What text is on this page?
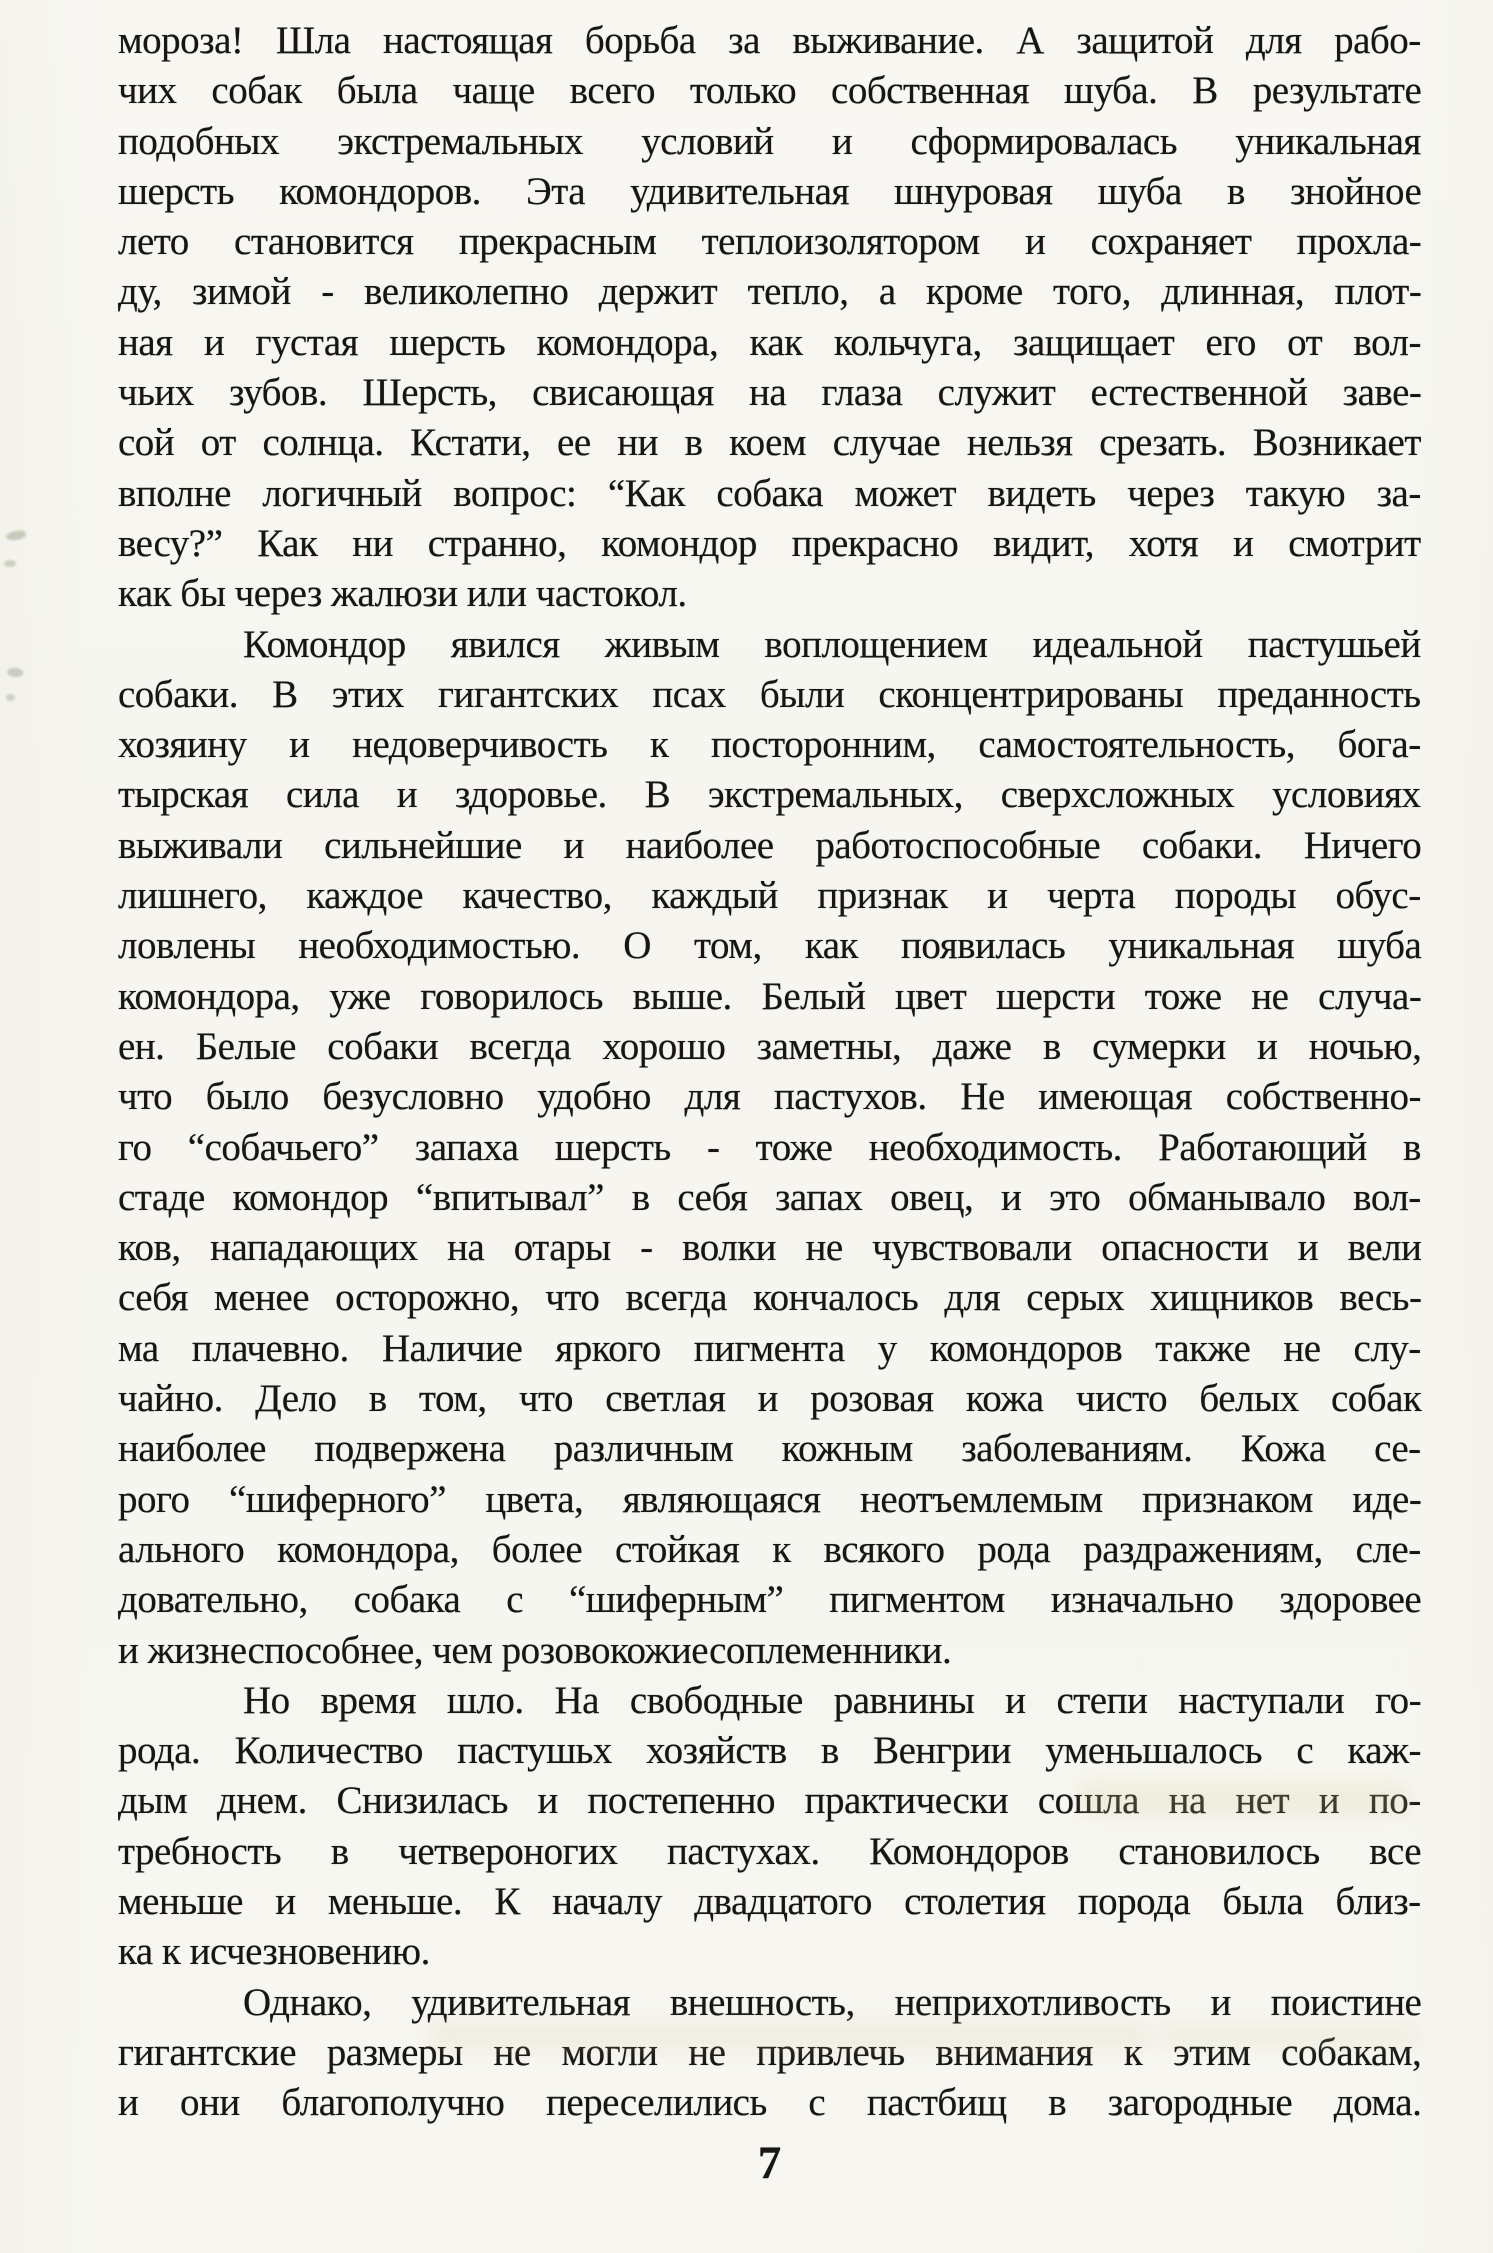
мороза! Шла настоящая борьба за выживание. А защитой для рабо-
чих собак была чаще всего только собственная шуба. В результате
подобных экстремальных условий и сформировалась уникальная
шерсть комондоров. Эта удивительная шнуровая шуба в знойное
лето становится прекрасным теплоизолятором и сохраняет прохла-
ду, зимой - великолепно держит тепло, а кроме того, длинная, плот-
ная и густая шерсть комондора, как кольчуга, защищает его от вол-
чьих зубов. Шерсть, свисающая на глаза служит естественной заве-
сой от солнца. Кстати, ее ни в коем случае нельзя срезать. Возникает
вполне логичный вопрос: “Как собака может видеть через такую за-
весу?” Как ни странно, комондор прекрасно видит, хотя и смотрит
как бы через жалюзи или частокол.
Комондор явился живым воплощением идеальной пастушьей
собаки. В этих гигантских псах были сконцентрированы преданность
хозяину и недоверчивость к посторонним, самостоятельность, бога-
тырская сила и здоровье. В экстремальных, сверхсложных условиях
выживали сильнейшие и наиболее работоспособные собаки. Ничего
лишнего, каждое качество, каждый признак и черта породы обус-
ловлены необходимостью. О том, как появилась уникальная шуба
комондора, уже говорилось выше. Белый цвет шерсти тоже не случа-
ен. Белые собаки всегда хорошо заметны, даже в сумерки и ночью,
что было безусловно удобно для пастухов. Не имеющая собственно-
го “собачьего” запаха шерсть - тоже необходимость. Работающий в
стаде комондор “впитывал” в себя запах овец, и это обманывало вол-
ков, нападающих на отары - волки не чувствовали опасности и вели
себя менее осторожно, что всегда кончалось для серых хищников весь-
ма плачевно. Наличие яркого пигмента у комондоров также не слу-
чайно. Дело в том, что светлая и розовая кожа чисто белых собак
наиболее подвержена различным кожным заболеваниям. Кожа се-
рого “шиферного” цвета, являющаяся неотъемлемым признаком иде-
ального комондора, более стойкая к всякого рода раздражениям, сле-
довательно, собака с “шиферным” пигментом изначально здоровее
и жизнеспособнее, чем розовокожиесоплеменники.
Но время шло. На свободные равнины и степи наступали го-
рода. Количество пастушьх хозяйств в Венгрии уменьшалось с каж-
дым днем. Снизилась и постепенно практически сошла на нет и по-
требность в четвероногих пастухах. Комондоров становилось все
меньше и меньше. К началу двадцатого столетия порода была близ-
ка к исчезновению.
Однако, удивительная внешность, неприхотливость и поистине
гигантские размеры не могли не привлечь внимания к этим собакам,
и они благополучно переселились с пастбищ в загородные дома.
7
